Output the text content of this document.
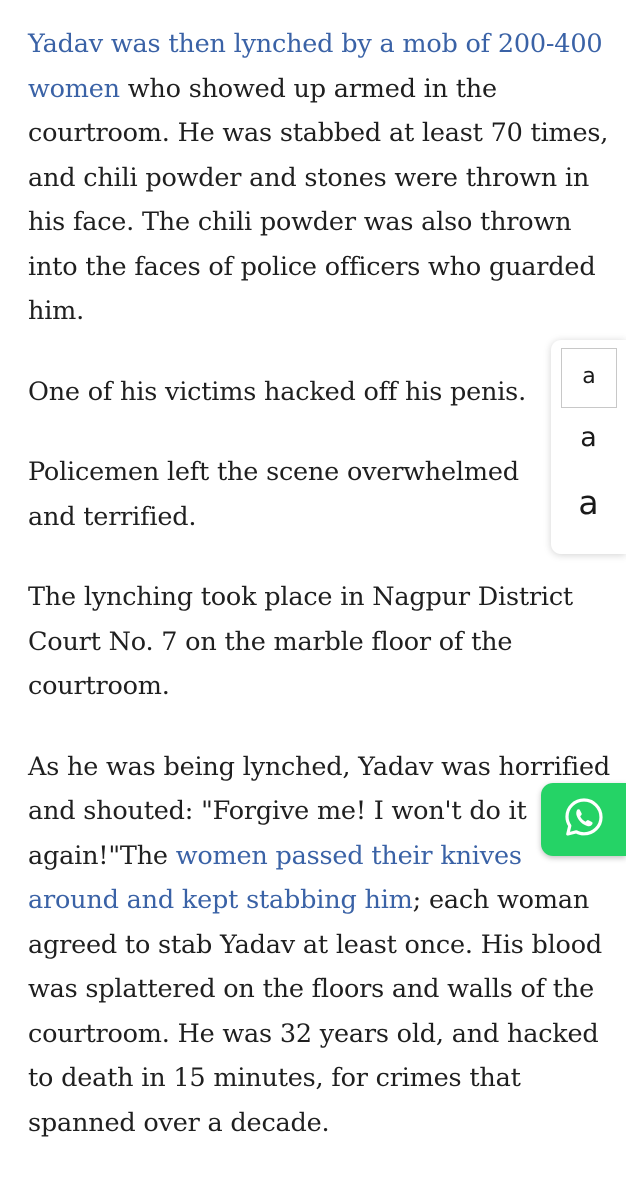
Yadav was then lynched by a mob of 200-400 women who showed up armed in the courtroom. He was stabbed at least 70 times, and chili powder and stones were thrown in his face. The chili powder was also thrown into the faces of police officers who guarded him.

One of his victims hacked off his penis.

Policemen left the scene overwhelmed and terrified.

The lynching took place in Nagpur District Court No. 7 on the marble floor of the courtroom.

As he was being lynched, Yadav was horrified and shouted: "Forgive me! I won't do it again!"The women passed their knives around and kept stabbing him; each woman agreed to stab Yadav at least once. His blood was splattered on the floors and walls of the courtroom. He was 32 years old, and hacked to death in 15 minutes, for crimes that spanned over a decade.

a
a
a
